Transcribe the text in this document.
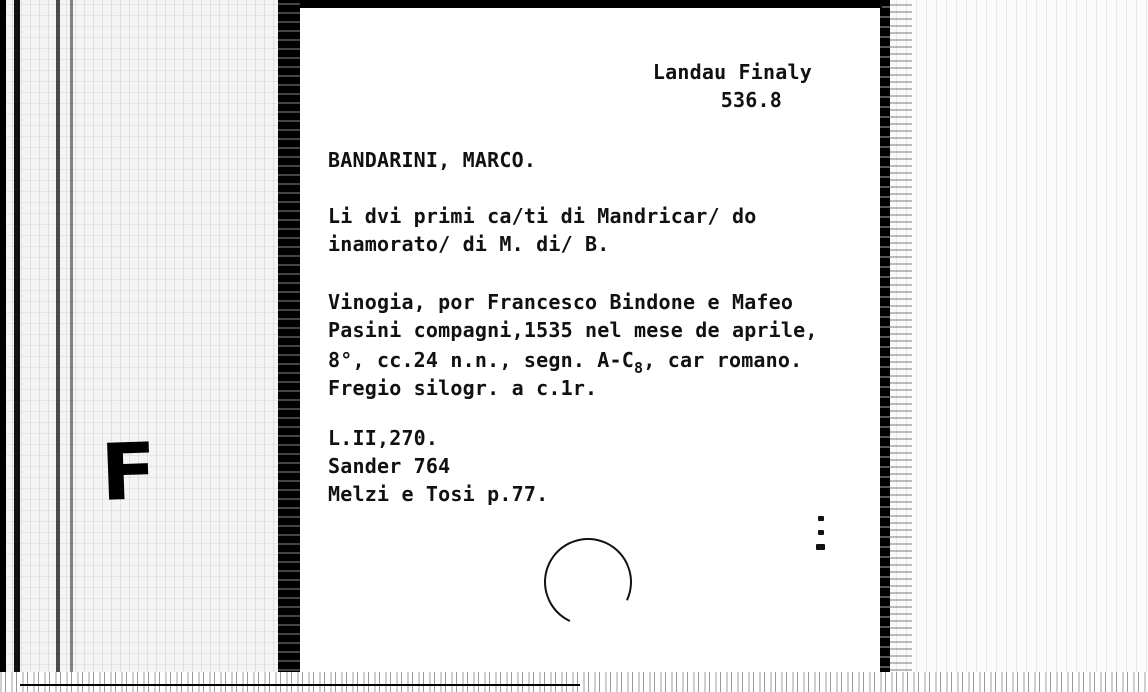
F
Landau Finaly
536.8
BANDARINI, MARCO.
Li dvi primi ca/ti di Mandricar/ do
inamorato/ di M. di/ B.
Vinogia, por Francesco Bindone e Mafeo
Pasini compagni,1535 nel mese de aprile,
8°, cc.24 n.n., segn. $A-C_8$, car romano.
Fregio silogr. a c.1r.
L.II,270.
Sander 764
Melzi e Tosi p.77.
